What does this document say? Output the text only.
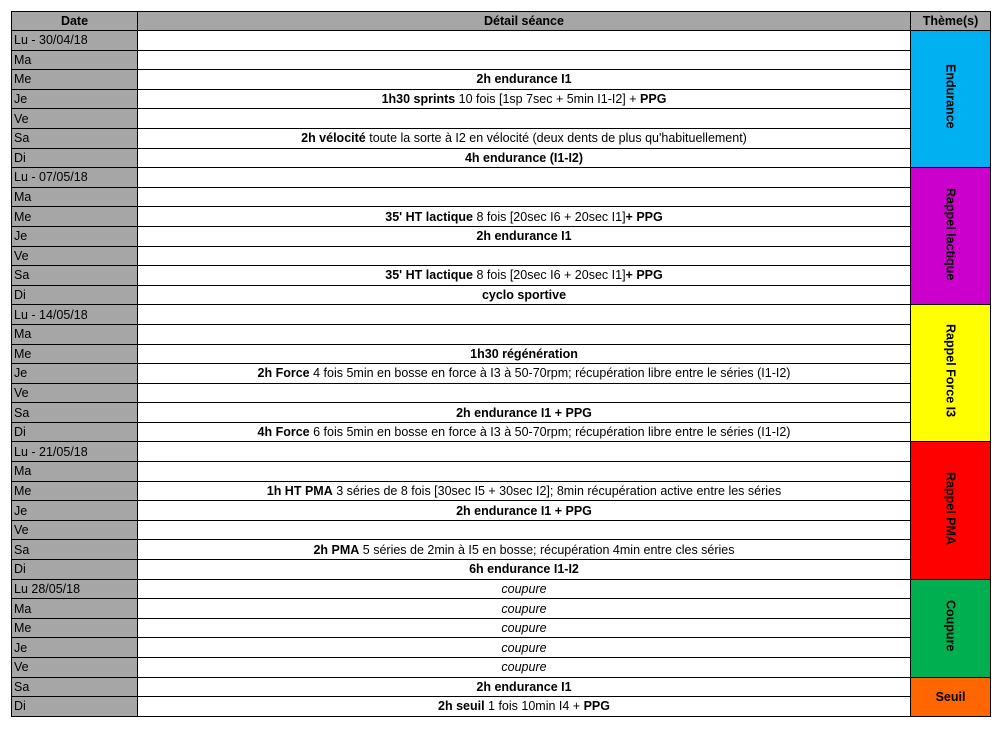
Date	Détail séance	Thème(s)
Lu - 30/04/18		Endurance
Ma		
Me	2h endurance I1	
Je	1h30 sprints 10 fois [1sp 7sec + 5min I1-I2] + PPG	
Ve		
Sa	2h vélocité toute la sorte à I2 en vélocité (deux dents de plus qu'habituellement)	
Di	4h endurance (I1-I2)	
Lu - 07/05/18		Rappel lactique
Ma		
Me	35' HT lactique 8 fois [20sec I6 + 20sec I1]+ PPG	
Je	2h endurance I1	
Ve		
Sa	35' HT lactique 8 fois [20sec I6 + 20sec I1]+ PPG	
Di	cyclo sportive	
Lu - 14/05/18		Rappel Force I3
Ma		
Me	1h30 régénération	
Je	2h Force 4 fois 5min en bosse en force à I3 à 50-70rpm; récupération libre entre le séries (I1-I2)	
Ve		
Sa	2h endurance I1 + PPG	
Di	4h Force 6 fois 5min en bosse en force à I3 à 50-70rpm; récupération libre entre le séries (I1-I2)	
Lu - 21/05/18		Rappel PMA
Ma		
Me	1h HT PMA 3 séries de 8 fois [30sec I5 + 30sec I2]; 8min récupération active entre les séries	
Je	2h endurance I1 + PPG	
Ve		
Sa	2h PMA 5 séries de 2min à I5 en bosse; récupération 4min entre cles séries	
Di	6h endurance I1-I2	
Lu 28/05/18	coupure	Coupure
Ma	coupure	
Me	coupure	
Je	coupure	
Ve	coupure	
Sa	2h endurance I1	Seuil
Di	2h seuil 1 fois 10min I4 + PPG	
